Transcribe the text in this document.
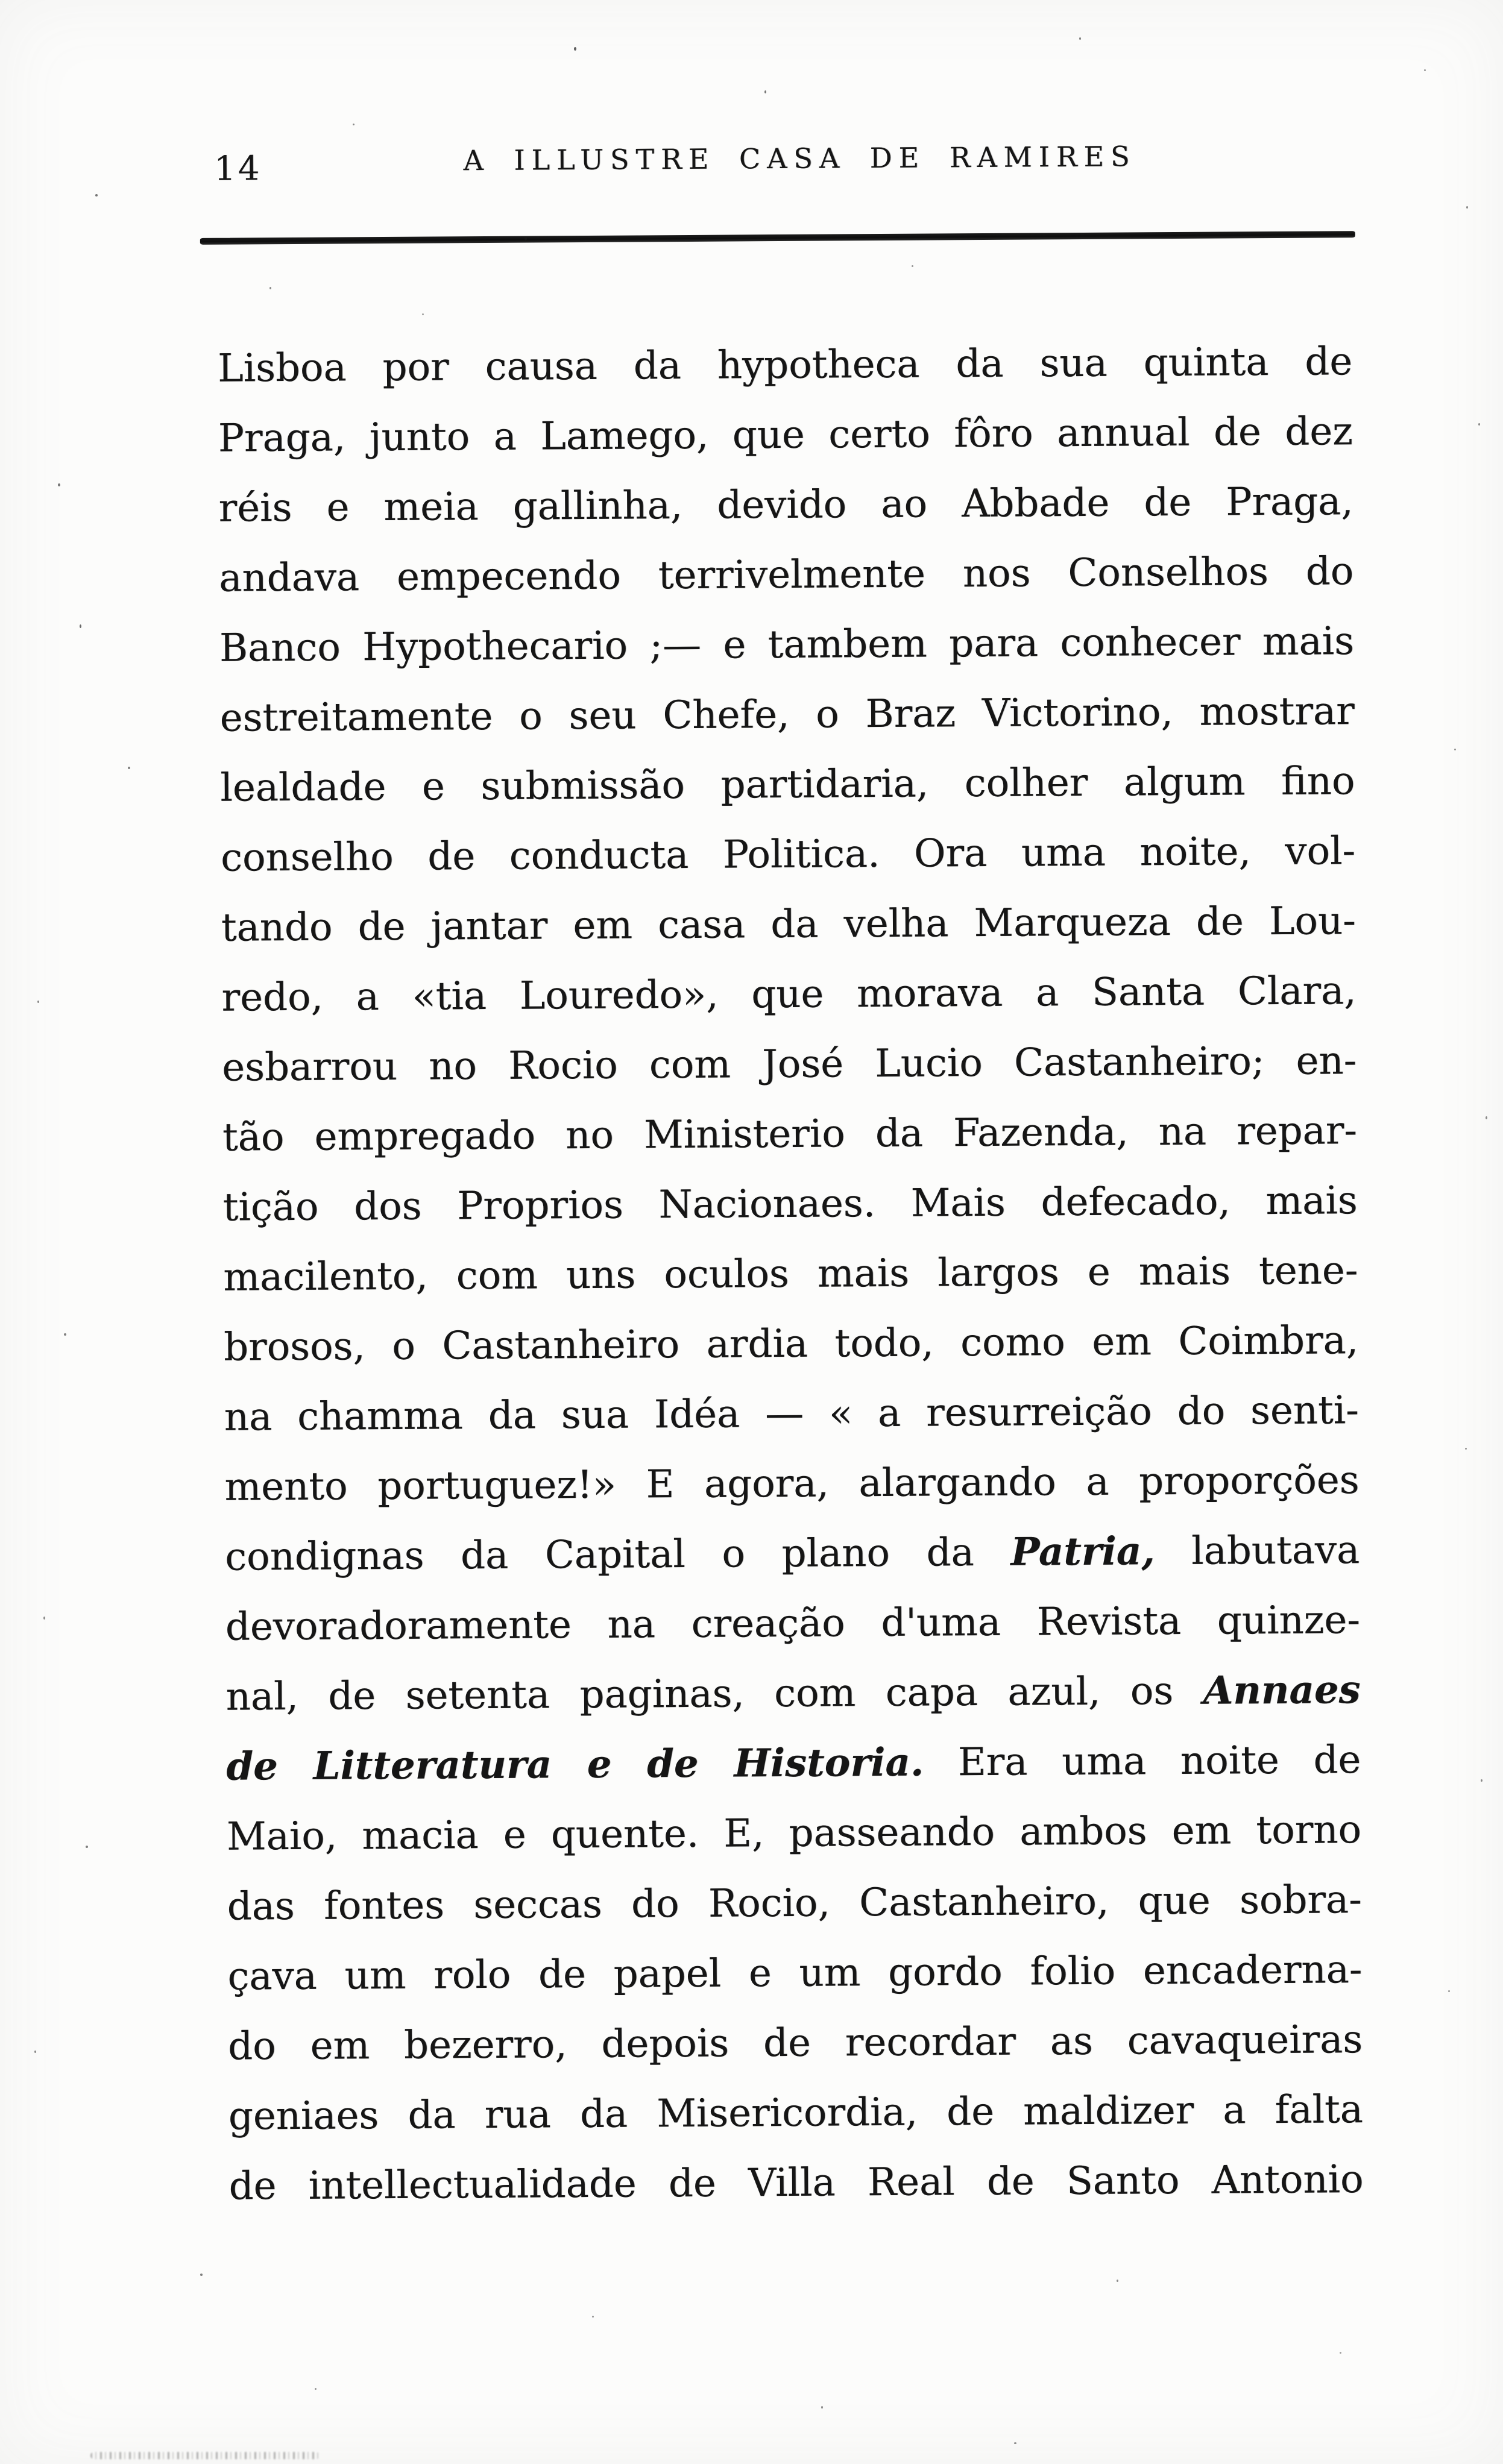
14	A ILLUSTRE CASA DE RAMIRES
Lisboa por causa da hypotheca da sua quinta de
Praga, junto a Lamego, que certo fôro annual de dez
réis e meia gallinha, devido ao Abbade de Praga,
andava empecendo terrivelmente nos Conselhos do
Banco Hypothecario ;— e tambem para conhecer mais
estreitamente o seu Chefe, o Braz Victorino, mostrar
lealdade e submissão partidaria, colher algum fino
conselho de conducta Politica. Ora uma noite, vol-
tando de jantar em casa da velha Marqueza de Lou-
redo, a «tia Louredo», que morava a Santa Clara,
esbarrou no Rocio com José Lucio Castanheiro; en-
tão empregado no Ministerio da Fazenda, na repar-
tição dos Proprios Nacionaes. Mais defecado, mais
macilento, com uns oculos mais largos e mais tene-
brosos, o Castanheiro ardia todo, como em Coimbra,
na chamma da sua Idéa — « a resurreição do senti-
mento portuguez!» E agora, alargando a proporções
condignas da Capital o plano da Patria, labutava
devoradoramente na creação d'uma Revista quinze-
nal, de setenta paginas, com capa azul, os Annaes
de Litteratura e de Historia. Era uma noite de
Maio, macia e quente. E, passeando ambos em torno
das fontes seccas do Rocio, Castanheiro, que sobra-
çava um rolo de papel e um gordo folio encaderna-
do em bezerro, depois de recordar as cavaqueiras
geniaes da rua da Misericordia, de maldizer a falta
de intellectualidade de Villa Real de Santo Antonio
